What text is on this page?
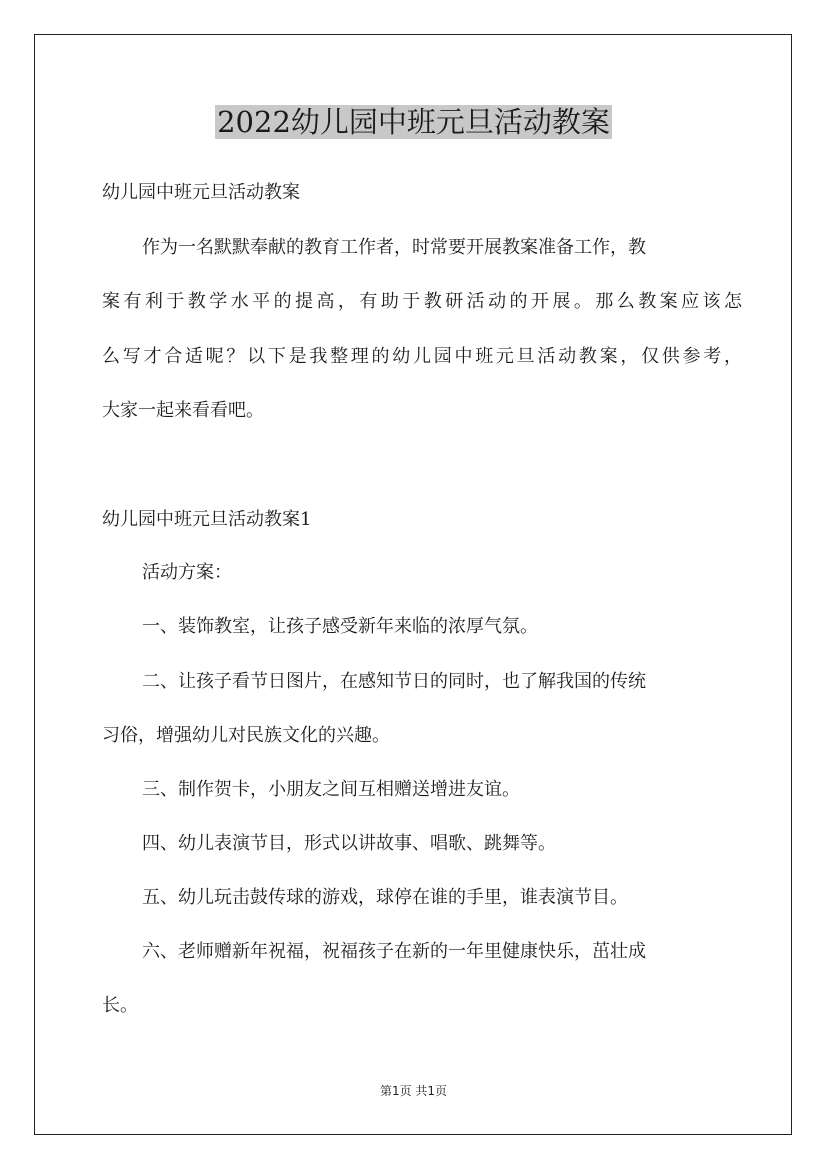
2022幼儿园中班元旦活动教案

幼儿园中班元旦活动教案

作为一名默默奉献的教育工作者，时常要开展教案准备工作，教

案有利于教学水平的提高，有助于教研活动的开展。那么教案应该怎

么写才合适呢？以下是我整理的幼儿园中班元旦活动教案，仅供参考，

大家一起来看看吧。

幼儿园中班元旦活动教案1

活动方案：

一、装饰教室，让孩子感受新年来临的浓厚气氛。

二、让孩子看节日图片，在感知节日的同时，也了解我国的传统

习俗，增强幼儿对民族文化的兴趣。

三、制作贺卡，小朋友之间互相赠送增进友谊。

四、幼儿表演节目，形式以讲故事、唱歌、跳舞等。

五、幼儿玩击鼓传球的游戏，球停在谁的手里，谁表演节目。

六、老师赠新年祝福，祝福孩子在新的一年里健康快乐，茁壮成

长。

第1页 共1页
